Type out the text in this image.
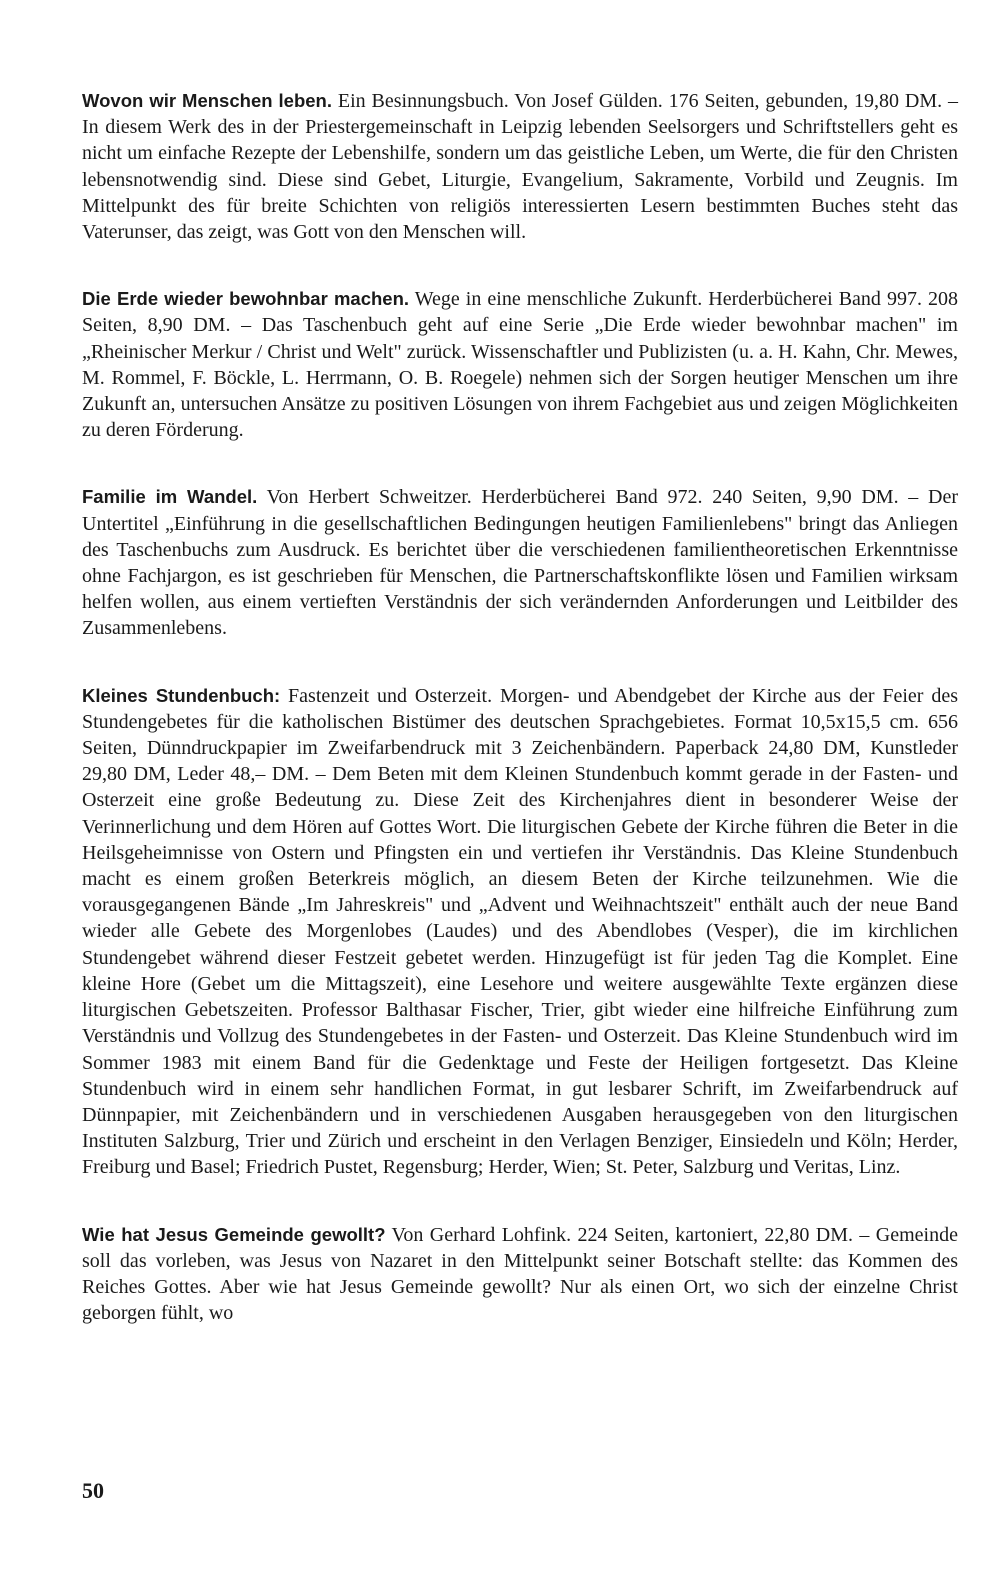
Wovon wir Menschen leben. Ein Besinnungsbuch. Von Josef Gülden. 176 Seiten, gebunden, 19,80 DM. – In diesem Werk des in der Priestergemeinschaft in Leipzig lebenden Seelsorgers und Schriftstellers geht es nicht um einfache Rezepte der Lebenshilfe, sondern um das geistliche Leben, um Werte, die für den Christen lebensnotwendig sind. Diese sind Gebet, Liturgie, Evangelium, Sakramente, Vorbild und Zeugnis. Im Mittelpunkt des für breite Schichten von religiös interessierten Lesern bestimmten Buches steht das Vaterunser, das zeigt, was Gott von den Menschen will.

Die Erde wieder bewohnbar machen. Wege in eine menschliche Zukunft. Herderbücherei Band 997. 208 Seiten, 8,90 DM. – Das Taschenbuch geht auf eine Serie „Die Erde wieder bewohnbar machen" im „Rheinischer Merkur / Christ und Welt" zurück. Wissenschaftler und Publizisten (u. a. H. Kahn, Chr. Mewes, M. Rommel, F. Böckle, L. Herrmann, O. B. Roegele) nehmen sich der Sorgen heutiger Menschen um ihre Zukunft an, untersuchen Ansätze zu positiven Lösungen von ihrem Fachgebiet aus und zeigen Möglichkeiten zu deren Förderung.

Familie im Wandel. Von Herbert Schweitzer. Herderbücherei Band 972. 240 Seiten, 9,90 DM. – Der Untertitel „Einführung in die gesellschaftlichen Bedingungen heutigen Familienlebens" bringt das Anliegen des Taschenbuchs zum Ausdruck. Es berichtet über die verschiedenen familientheoretischen Erkenntnisse ohne Fachjargon, es ist geschrieben für Menschen, die Partnerschaftskonflikte lösen und Familien wirksam helfen wollen, aus einem vertieften Verständnis der sich verändernden Anforderungen und Leitbilder des Zusammenlebens.

Kleines Stundenbuch: Fastenzeit und Osterzeit. Morgen- und Abendgebet der Kirche aus der Feier des Stundengebetes für die katholischen Bistümer des deutschen Sprachgebietes. Format 10,5x15,5 cm. 656 Seiten, Dünndruckpapier im Zweifarbendruck mit 3 Zeichenbändern. Paperback 24,80 DM, Kunstleder 29,80 DM, Leder 48,– DM. – Dem Beten mit dem Kleinen Stundenbuch kommt gerade in der Fasten- und Osterzeit eine große Bedeutung zu. Diese Zeit des Kirchenjahres dient in besonderer Weise der Verinnerlichung und dem Hören auf Gottes Wort. Die liturgischen Gebete der Kirche führen die Beter in die Heilsgeheimnisse von Ostern und Pfingsten ein und vertiefen ihr Verständnis. Das Kleine Stundenbuch macht es einem großen Beterkreis möglich, an diesem Beten der Kirche teilzunehmen. Wie die vorausgegangenen Bände „Im Jahreskreis" und „Advent und Weihnachtszeit" enthält auch der neue Band wieder alle Gebete des Morgenlobes (Laudes) und des Abendlobes (Vesper), die im kirchlichen Stundengebet während dieser Festzeit gebetet werden. Hinzugefügt ist für jeden Tag die Komplet. Eine kleine Hore (Gebet um die Mittagszeit), eine Lesehore und weitere ausgewählte Texte ergänzen diese liturgischen Gebetszeiten. Professor Balthasar Fischer, Trier, gibt wieder eine hilfreiche Einführung zum Verständnis und Vollzug des Stundengebetes in der Fasten- und Osterzeit. Das Kleine Stundenbuch wird im Sommer 1983 mit einem Band für die Gedenktage und Feste der Heiligen fortgesetzt. Das Kleine Stundenbuch wird in einem sehr handlichen Format, in gut lesbarer Schrift, im Zweifarbendruck auf Dünnpapier, mit Zeichenbändern und in verschiedenen Ausgaben herausgegeben von den liturgischen Instituten Salzburg, Trier und Zürich und erscheint in den Verlagen Benziger, Einsiedeln und Köln; Herder, Freiburg und Basel; Friedrich Pustet, Regensburg; Herder, Wien; St. Peter, Salzburg und Veritas, Linz.

Wie hat Jesus Gemeinde gewollt? Von Gerhard Lohfink. 224 Seiten, kartoniert, 22,80 DM. – Gemeinde soll das vorleben, was Jesus von Nazaret in den Mittelpunkt seiner Botschaft stellte: das Kommen des Reiches Gottes. Aber wie hat Jesus Gemeinde gewollt? Nur als einen Ort, wo sich der einzelne Christ geborgen fühlt, wo

50
